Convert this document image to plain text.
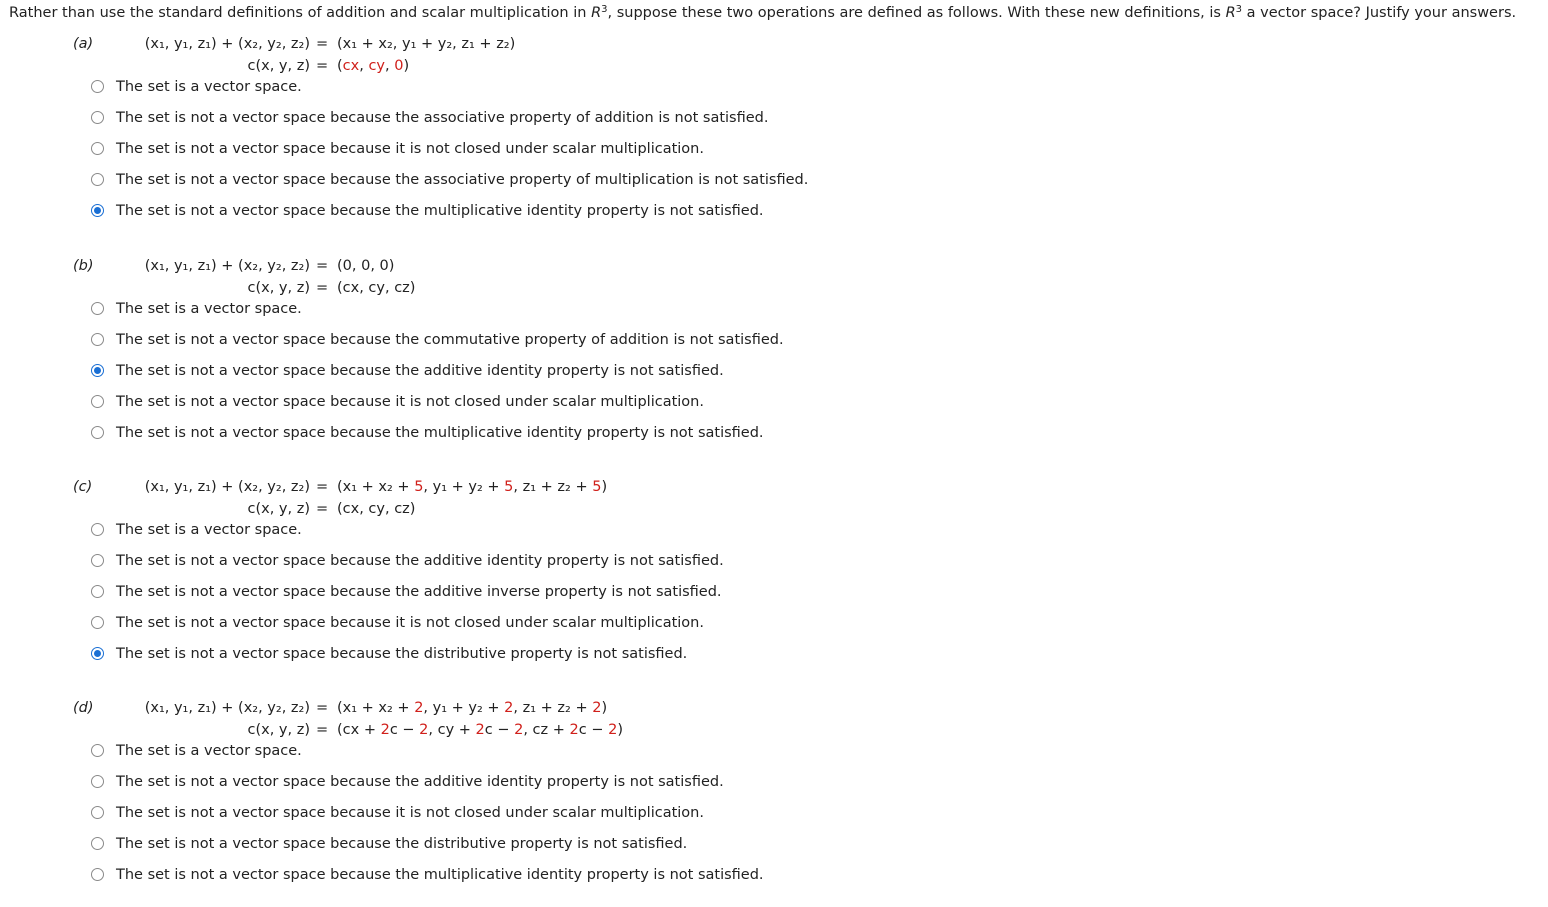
Rather than use the standard definitions of addition and scalar multiplication in $R^3$, suppose these two operations are defined as follows. With these new definitions, is $R^3$ a vector space? Justify your answers.
(a)	(x₁, y₁, z₁) + (x₂, y₂, z₂) = (x₁ + x₂, y₁ + y₂, z₁ + z₂)
c(x, y, z) = (cx, cy, 0)
The set is a vector space.
The set is not a vector space because the associative property of addition is not satisfied.
The set is not a vector space because it is not closed under scalar multiplication.
The set is not a vector space because the associative property of multiplication is not satisfied.
The set is not a vector space because the multiplicative identity property is not satisfied.
(b)	(x₁, y₁, z₁) + (x₂, y₂, z₂) = (0, 0, 0)
c(x, y, z) = (cx, cy, cz)
The set is a vector space.
The set is not a vector space because the commutative property of addition is not satisfied.
The set is not a vector space because the additive identity property is not satisfied.
The set is not a vector space because it is not closed under scalar multiplication.
The set is not a vector space because the multiplicative identity property is not satisfied.
(c)	(x₁, y₁, z₁) + (x₂, y₂, z₂) = (x₁ + x₂ + 5, y₁ + y₂ + 5, z₁ + z₂ + 5)
c(x, y, z) = (cx, cy, cz)
The set is a vector space.
The set is not a vector space because the additive identity property is not satisfied.
The set is not a vector space because the additive inverse property is not satisfied.
The set is not a vector space because it is not closed under scalar multiplication.
The set is not a vector space because the distributive property is not satisfied.
(d)	(x₁, y₁, z₁) + (x₂, y₂, z₂) = (x₁ + x₂ + 2, y₁ + y₂ + 2, z₁ + z₂ + 2)
c(x, y, z) = (cx + 2c − 2, cy + 2c − 2, cz + 2c − 2)
The set is a vector space.
The set is not a vector space because the additive identity property is not satisfied.
The set is not a vector space because it is not closed under scalar multiplication.
The set is not a vector space because the distributive property is not satisfied.
The set is not a vector space because the multiplicative identity property is not satisfied.
